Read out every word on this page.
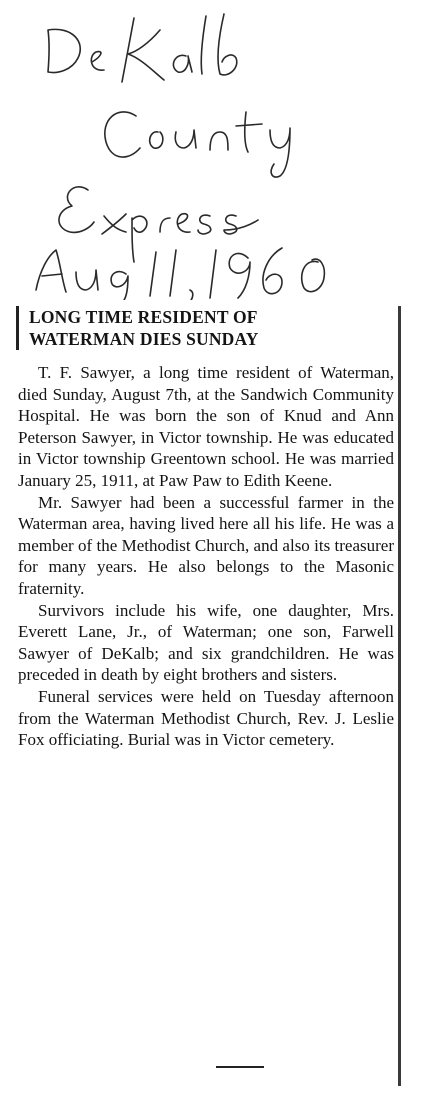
LONG TIME RESIDENT OF
WATERMAN DIES SUNDAY

T. F. Sawyer, a long time resident of Waterman, died Sunday, August 7th, at the Sandwich Community Hospital. He was born the son of Knud and Ann Peterson Sawyer, in Victor township. He was educated in Victor township Greentown school. He was married January 25, 1911, at Paw Paw to Edith Keene.

Mr. Sawyer had been a successful farmer in the Waterman area, having lived here all his life. He was a member of the Methodist Church, and also its treasurer for many years. He also belongs to the Masonic fraternity.

Survivors include his wife, one daughter, Mrs. Everett Lane, Jr., of Waterman; one son, Farwell Sawyer of DeKalb; and six grandchildren. He was preceded in death by eight brothers and sisters.

Funeral services were held on Tuesday afternoon from the Waterman Methodist Church, Rev. J. Leslie Fox officiating. Burial was in Victor cemetery.
